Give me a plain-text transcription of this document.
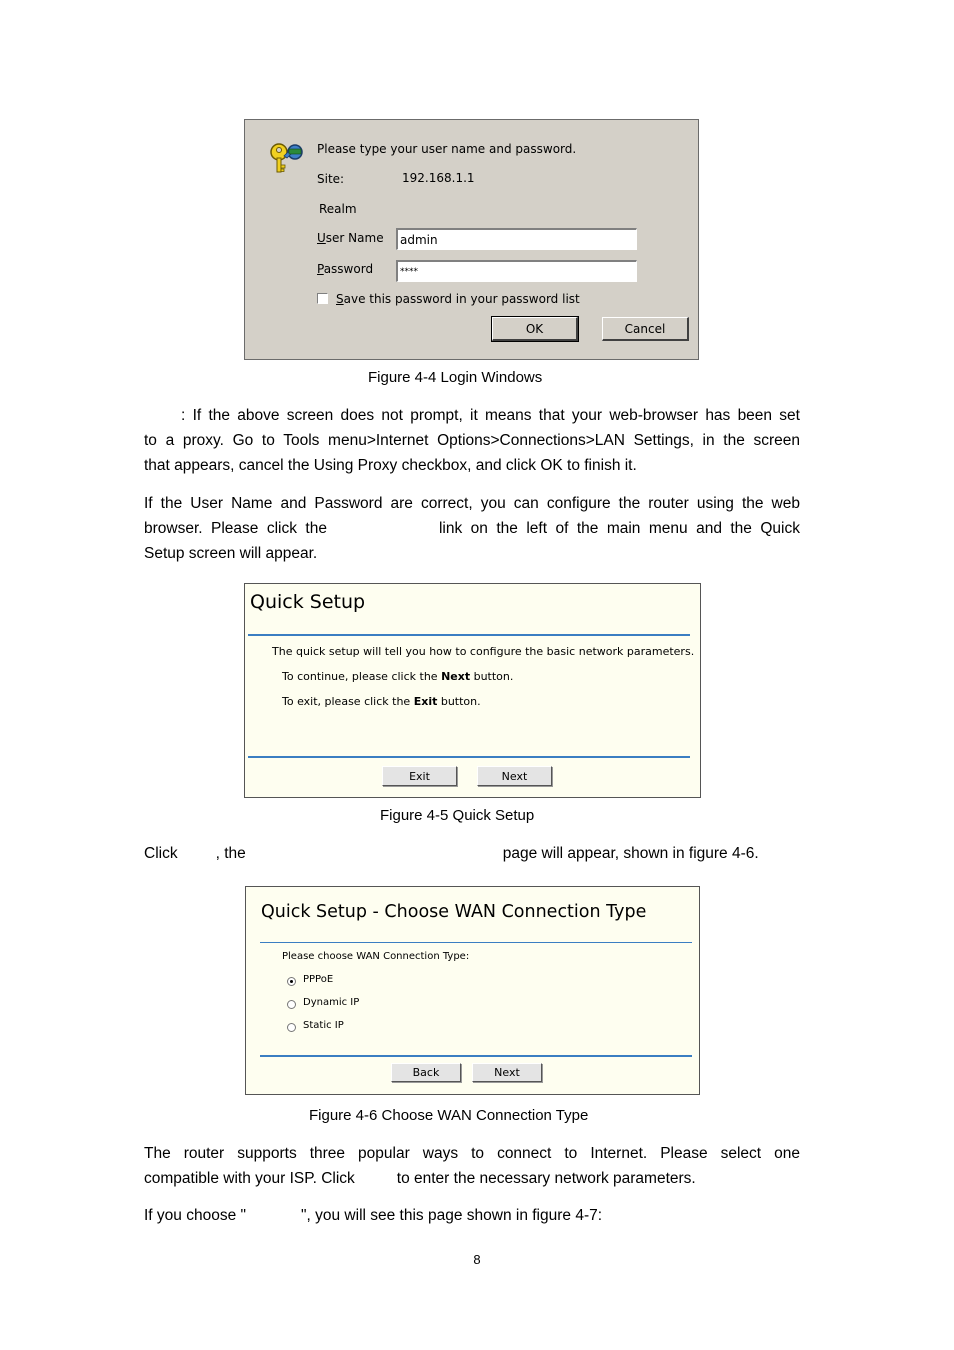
Please type your user name and password.
Site:	192.168.1.1
Realm
User Name
admin
Password
****
Save this password in your password list
OK	Cancel
Figure 4-4 Login Windows
: If the above screen does not prompt, it means that your web-browser has been set
to a proxy. Go to Tools menu>Internet Options>Connections>LAN Settings, in the screen
that appears, cancel the Using Proxy checkbox, and click OK to finish it.
If the User Name and Password are correct, you can configure the router using the web
browser. Please click the	link on the left of the main menu and the Quick
Setup screen will appear.
Quick Setup
The quick setup will tell you how to configure the basic network parameters.
To continue, please click the Next button.
To exit, please click the Exit button.
Exit	Next
Figure 4-5 Quick Setup
Click , the	page will appear, shown in figure 4-6.
Quick Setup - Choose WAN Connection Type
Please choose WAN Connection Type:
PPPoE
Dynamic IP
Static IP
Back	Next
Figure 4-6 Choose WAN Connection Type
The router supports three popular ways to connect to Internet. Please select one
compatible with your ISP. Click	to enter the necessary network parameters.
If you choose "	", you will see this page shown in figure 4-7:
8
